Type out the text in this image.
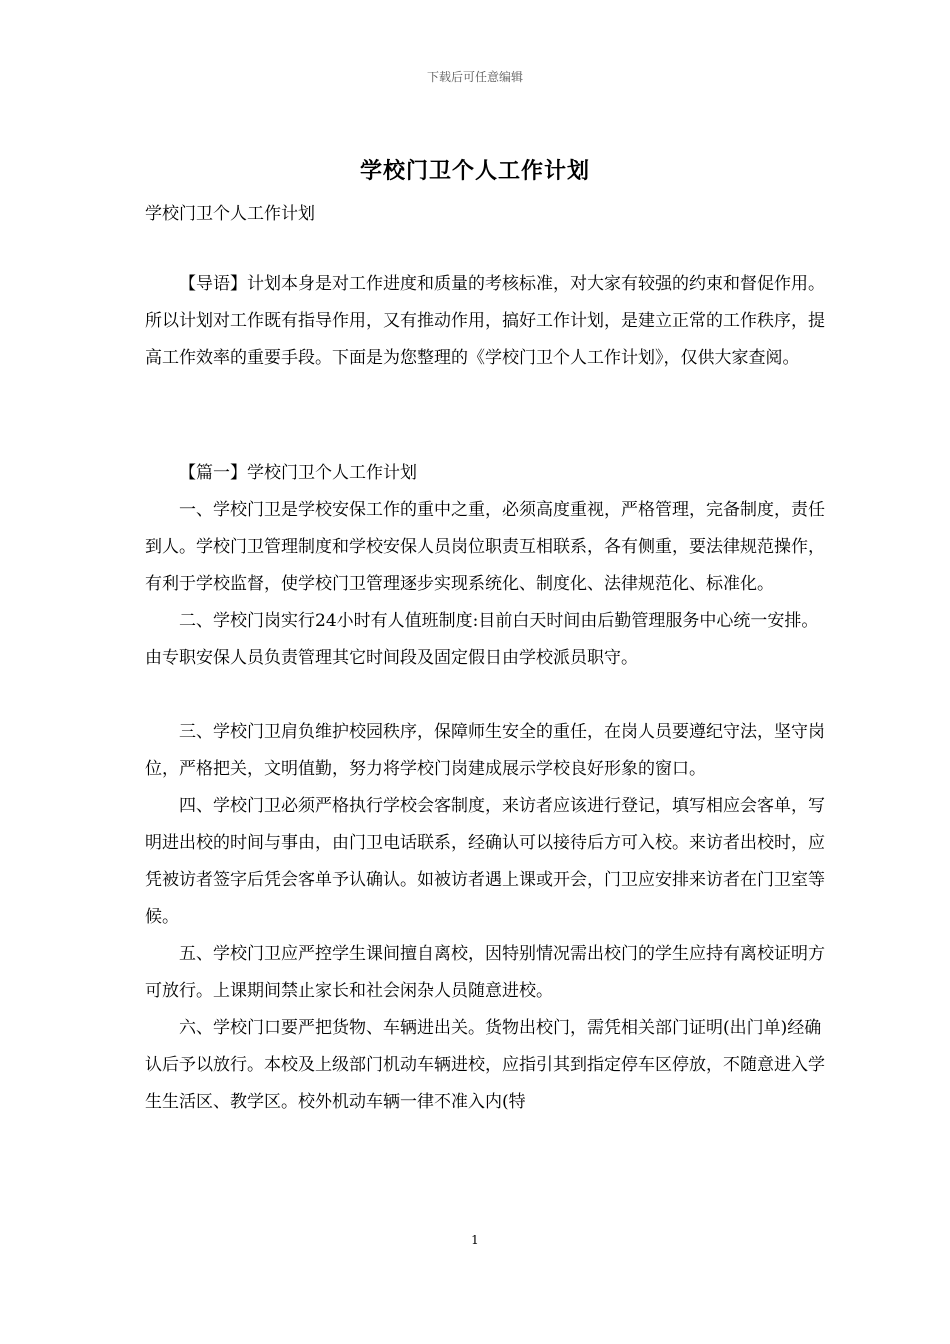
下载后可任意编辑
学校门卫个人工作计划
学校门卫个人工作计划
【导语】计划本身是对工作进度和质量的考核标准，对大家有较强的约束和督促作用。所以计划对工作既有指导作用，又有推动作用，搞好工作计划，是建立正常的工作秩序，提高工作效率的重要手段。下面是为您整理的《学校门卫个人工作计划》，仅供大家查阅。

【篇一】学校门卫个人工作计划

一、学校门卫是学校安保工作的重中之重，必须高度重视，严格管理，完备制度，责任到人。学校门卫管理制度和学校安保人员岗位职责互相联系，各有侧重，要法律规范操作，有利于学校监督，使学校门卫管理逐步实现系统化、制度化、法律规范化、标准化。

二、学校门岗实行24小时有人值班制度:目前白天时间由后勤管理服务中心统一安排。由专职安保人员负责管理其它时间段及固定假日由学校派员职守。

三、学校门卫肩负维护校园秩序，保障师生安全的重任，在岗人员要遵纪守法，坚守岗位，严格把关，文明值勤，努力将学校门岗建成展示学校良好形象的窗口。

四、学校门卫必须严格执行学校会客制度，来访者应该进行登记，填写相应会客单，写明进出校的时间与事由，由门卫电话联系，经确认可以接待后方可入校。来访者出校时，应凭被访者签字后凭会客单予认确认。如被访者遇上课或开会，门卫应安排来访者在门卫室等候。

五、学校门卫应严控学生课间擅自离校，因特别情况需出校门的学生应持有离校证明方可放行。上课期间禁止家长和社会闲杂人员随意进校。

六、学校门口要严把货物、车辆进出关。货物出校门，需凭相关部门证明(出门单)经确认后予以放行。本校及上级部门机动车辆进校，应指引其到指定停车区停放，不随意进入学生生活区、教学区。校外机动车辆一律不准入内(特

1
